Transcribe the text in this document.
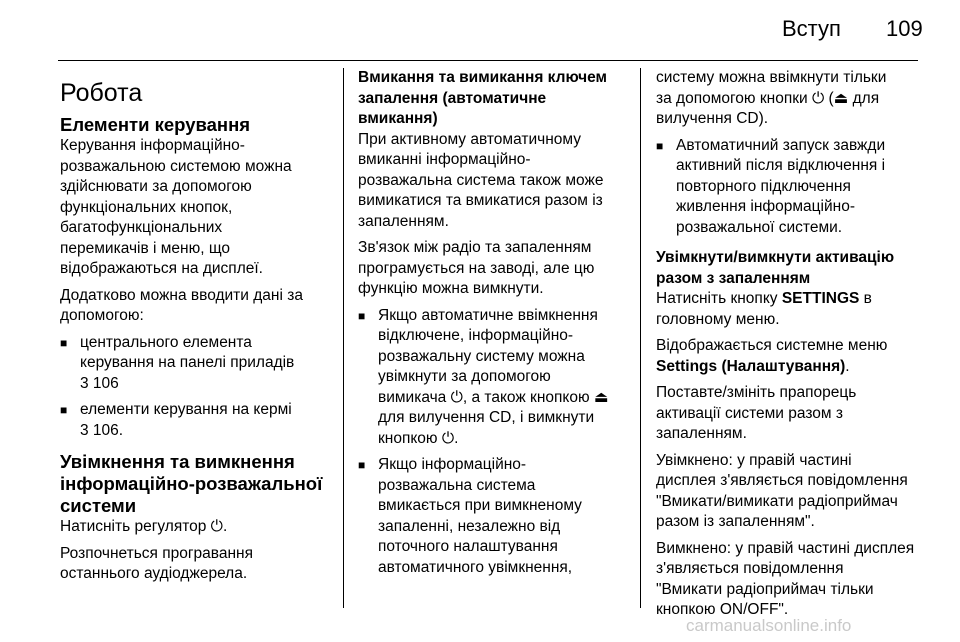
Вступ 109
Робота
Елементи керування

Керування інформаційно-
розважальною системою можна
здійснювати за допомогою
функціональних кнопок,
багатофункціональних
перемикачів і меню, що
відображаються на дисплеї.

Додатково можна вводити дані за
допомогою:

■ центрального елемента
керування на панелі приладів
3 106
■ елементи керування на кермі
3 106.
Увімкнення та вимкнення
інформаційно-розважальної
системи

Натисніть регулятор ⏻.

Розпочнеться програвання
останнього аудіоджерела.

Вмикання та вимикання ключем
запалення (автоматичне вмикання)

При активному автоматичному
вмиканні інформаційно-
розважальна система також може
вимикатися та вмикатися разом із
запаленням.

Зв'язок між радіо та запаленням
програмується на заводі, але цю
функцію можна вимкнути.

■ Якщо автоматичне ввімкнення
відключене, інформаційно-
розважальну систему можна
увімкнути за допомогою
вимикача ⏻, а також кнопкою ⏏
для вилучення CD, і вимкнути
кнопкою ⏻.
■ Якщо інформаційно-
розважальна система
вмикається при вимкненому
запаленні, незалежно від
поточного налаштування
автоматичного увімкнення,

систему можна ввімкнути тільки
за допомогою кнопки ⏻ (⏏ для
вилучення CD).

■ Автоматичний запуск завжди
активний після відключення і
повторного підключення
живлення інформаційно-
розважальної системи.
Увімкнути/вимкнути активацію
разом з запаленням

Натисніть кнопку SETTINGS в
головному меню.

Відображається системне меню
Settings (Налаштування).

Поставте/змініть прапорець
активації системи разом з
запаленням.

Увімкнено: у правій частині
дисплея з'являється повідомлення
"Вмикати/вимикати радіоприймач
разом із запаленням".

Вимкнено: у правій частині дисплея
з'являється повідомлення
"Вмикати радіоприймач тільки
кнопкою ON/OFF".

carmanualsonline.info
